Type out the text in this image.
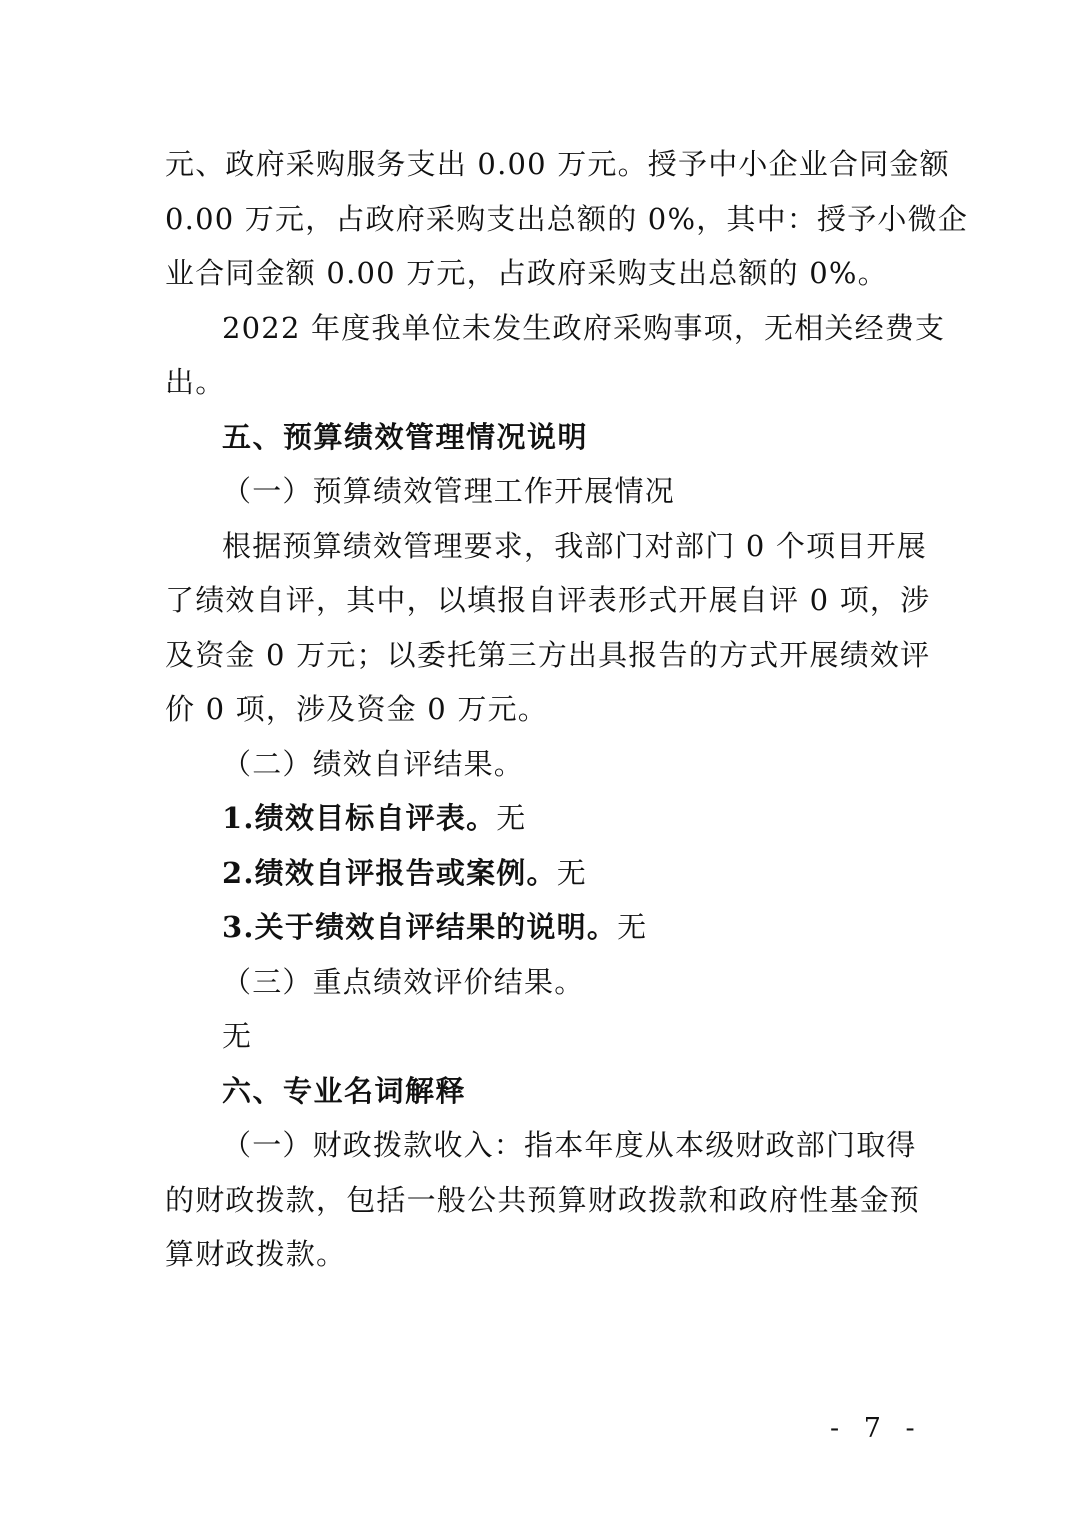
元、政府采购服务支出 0.00 万元。授予中小企业合同金额
0.00 万元，占政府采购支出总额的 0%，其中：授予小微企
业合同金额 0.00 万元，占政府采购支出总额的 0%。
2022 年度我单位未发生政府采购事项，无相关经费支
出。
五、预算绩效管理情况说明
（一）预算绩效管理工作开展情况
根据预算绩效管理要求，我部门对部门 0 个项目开展
了绩效自评，其中，以填报自评表形式开展自评 0 项，涉
及资金 0 万元；以委托第三方出具报告的方式开展绩效评
价 0 项，涉及资金 0 万元。
（二）绩效自评结果。
1.绩效目标自评表。无
2.绩效自评报告或案例。无
3.关于绩效自评结果的说明。无
（三）重点绩效评价结果。
无
六、专业名词解释
（一）财政拨款收入：指本年度从本级财政部门取得
的财政拨款，包括一般公共预算财政拨款和政府性基金预
算财政拨款。
- 7 -
